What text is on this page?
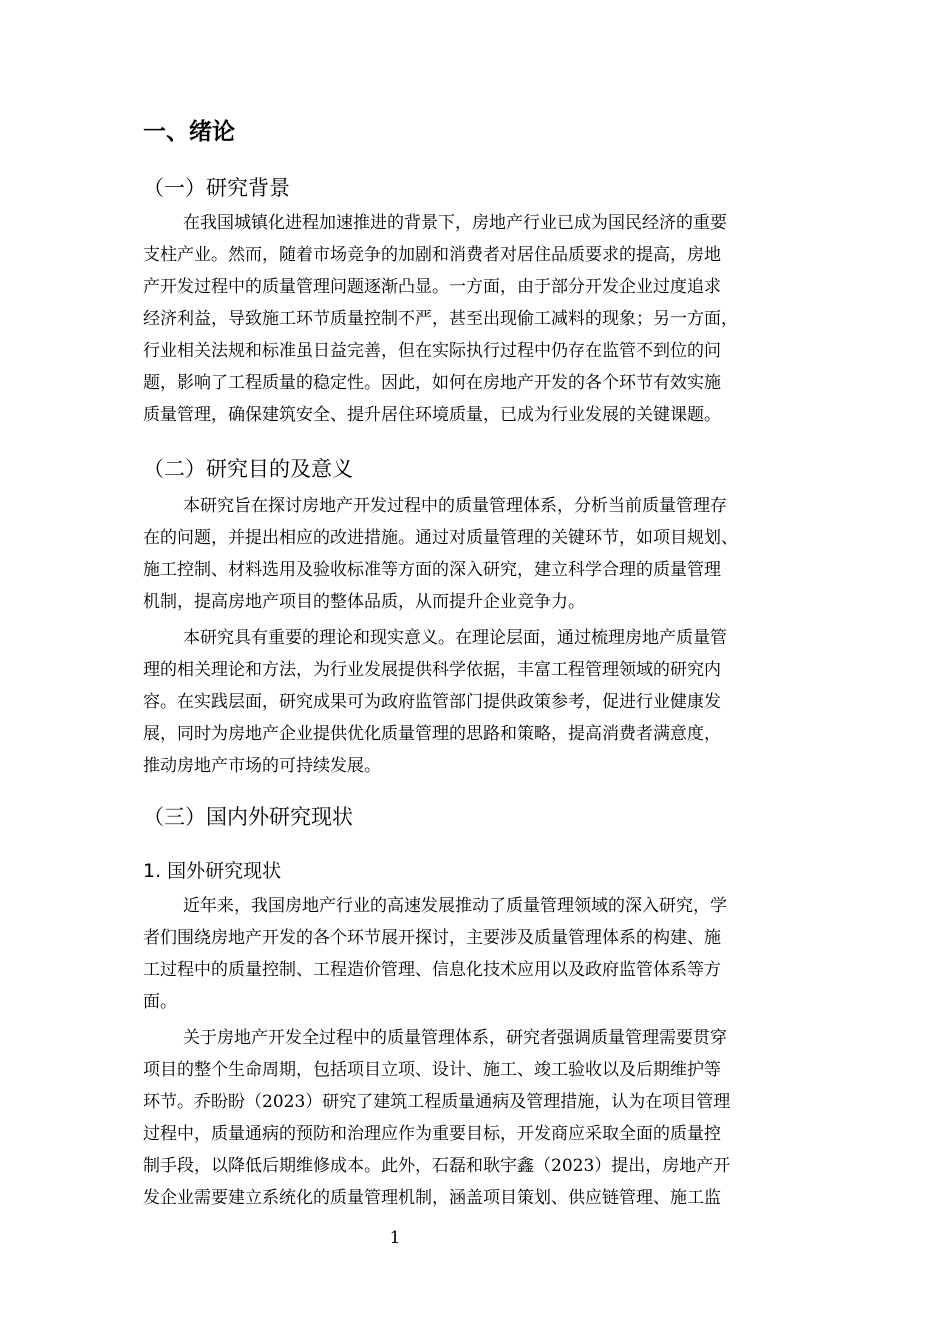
一、绪论
（一）研究背景
在我国城镇化进程加速推进的背景下，房地产行业已成为国民经济的重要
支柱产业。然而，随着市场竞争的加剧和消费者对居住品质要求的提高，房地
产开发过程中的质量管理问题逐渐凸显。一方面，由于部分开发企业过度追求
经济利益，导致施工环节质量控制不严，甚至出现偷工减料的现象；另一方面，
行业相关法规和标准虽日益完善，但在实际执行过程中仍存在监管不到位的问
题，影响了工程质量的稳定性。因此，如何在房地产开发的各个环节有效实施
质量管理，确保建筑安全、提升居住环境质量，已成为行业发展的关键课题。
（二）研究目的及意义
本研究旨在探讨房地产开发过程中的质量管理体系，分析当前质量管理存
在的问题，并提出相应的改进措施。通过对质量管理的关键环节，如项目规划、
施工控制、材料选用及验收标准等方面的深入研究，建立科学合理的质量管理
机制，提高房地产项目的整体品质，从而提升企业竞争力。
本研究具有重要的理论和现实意义。在理论层面，通过梳理房地产质量管
理的相关理论和方法，为行业发展提供科学依据，丰富工程管理领域的研究内
容。在实践层面，研究成果可为政府监管部门提供政策参考，促进行业健康发
展，同时为房地产企业提供优化质量管理的思路和策略，提高消费者满意度，
推动房地产市场的可持续发展。
（三）国内外研究现状
1. 国外研究现状
近年来，我国房地产行业的高速发展推动了质量管理领域的深入研究，学
者们围绕房地产开发的各个环节展开探讨，主要涉及质量管理体系的构建、施
工过程中的质量控制、工程造价管理、信息化技术应用以及政府监管体系等方
面。
关于房地产开发全过程中的质量管理体系，研究者强调质量管理需要贯穿
项目的整个生命周期，包括项目立项、设计、施工、竣工验收以及后期维护等
环节。乔盼盼（2023）研究了建筑工程质量通病及管理措施，认为在项目管理
过程中，质量通病的预防和治理应作为重要目标，开发商应采取全面的质量控
制手段，以降低后期维修成本。此外，石磊和耿宇鑫（2023）提出，房地产开
发企业需要建立系统化的质量管理机制，涵盖项目策划、供应链管理、施工监
1
